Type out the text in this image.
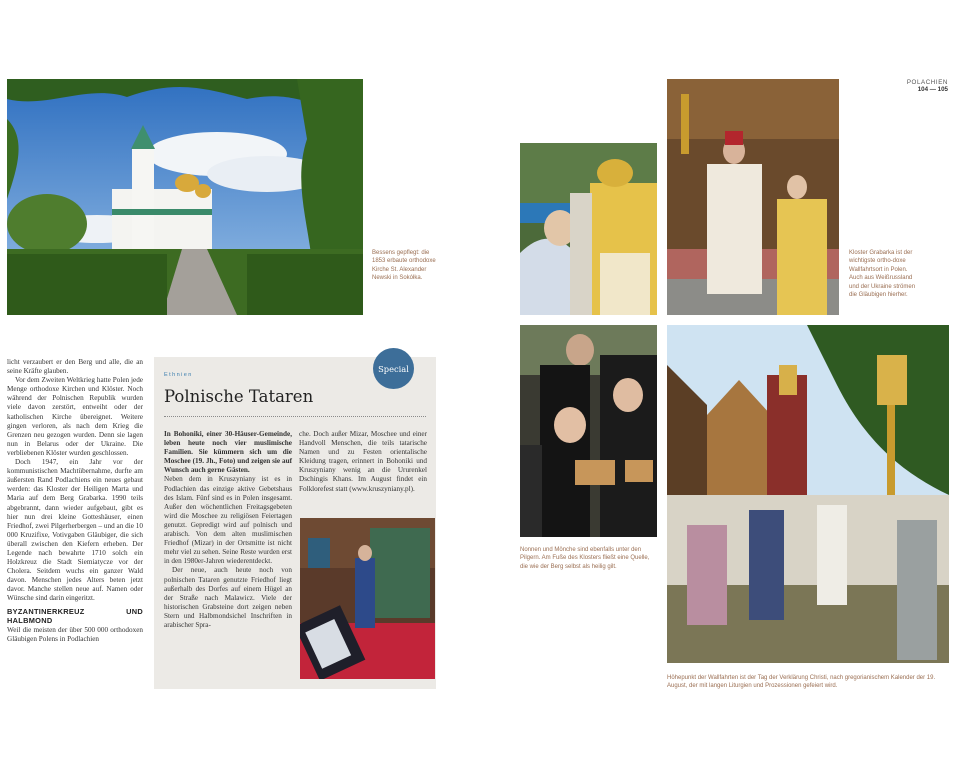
POLACHIEN
104 — 105
Bessens gepflegt: die 1853 erbaute orthodoxe Kirche St. Alexander Newski in Sokółka.
Kloster Grabarka ist der wichtigste ortho-doxe Wallfahrtsort in Polen. Auch aus Weißrussland und der Ukraine strömen die Gläubigen hierher.
Nonnen und Mönche sind ebenfalls unter den Pilgern. Am Fuße des Klosters fließt eine Quelle, die wie der Berg selbst als heilig gilt.
Höhepunkt der Wallfahrten ist der Tag der Verklärung Christi, nach gregorianischem Kalender der 19. August, der mit langen Liturgien und Prozessionen gefeiert wird.

licht verzaubert er den Berg und alle, die an seine Kräfte glauben.

Vor dem Zweiten Weltkrieg hatte Polen jede Menge orthodoxe Kirchen und Klöster. Noch während der Polnischen Republik wurden viele davon zerstört, entweiht oder der katholischen Kirche übereignet. Weitere gingen verloren, als nach dem Krieg die Grenzen neu gezogen wurden. Denn sie lagen nun in Belarus oder der Ukraine. Die verbliebenen Klöster wurden geschlossen.

Doch 1947, ein Jahr vor der kommunistischen Machtübernahme, durfte am äußersten Rand Podlachiens ein neues gebaut werden: das Kloster der Heiligen Marta und Maria auf dem Berg Grabarka. 1990 teils abgebrannt, dann wieder aufgebaut, gibt es hier nun drei kleine Gotteshäuser, einen Friedhof, zwei Pilgerherbergen – und an die 10 000 Kruzifixe, Votivgaben Gläubiger, die sich überall zwischen den Kiefern erheben. Der Legende nach bewahrte 1710 solch ein Holzkreuz die Stadt Siemiatycze vor der Cholera. Seitdem wuchs ein ganzer Wald davon. Menschen jedes Alters beten jetzt davor. Manche stellen neue auf. Namen oder Wünsche sind darin eingeritzt.

BYZANTINERKREUZ UND HALBMOND

Weil die meisten der über 500 000 orthodoxen Gläubigen Polens in Podlachien

Ethnien
Polnische Tataren

In Bohoniki, einer 30-Häuser-Gemeinde, leben heute noch vier muslimische Familien. Sie kümmern sich um die Moschee (19. Jh., Foto) und zeigen sie auf Wunsch auch gerne Gästen.

Neben dem in Kruszyniany ist es in Podlachien das einzige aktive Gebetshaus des Islam. Fünf sind es in Polen insgesamt. Außer den wöchentlichen Freitagsgebeten wird die Moschee zu religiösen Feiertagen genutzt. Gepredigt wird auf polnisch und arabisch. Von dem alten muslimischen Friedhof (Mizar) in der Ortsmitte ist nicht mehr viel zu sehen. Seine Reste wurden erst in den 1980er-Jahren wiederentdeckt.

Der neue, auch heute noch von polnischen Tataren genutzte Friedhof liegt außerhalb des Dorfes auf einem Hügel an der Straße nach Malawicz. Viele der historischen Grabsteine dort zeigen neben Stern und Halbmondsichel Inschriften in arabischer Spra-

che. Doch außer Mizar, Moschee und einer Handvoll Menschen, die teils tatarische Namen und zu Festen orientalische Kleidung tragen, erinnert in Bohoniki und Kruszyniany wenig an die Ururenkel Dschingis Khans. Im August findet ein Folklorefest statt (www.kruszyniany.pl).

Special
